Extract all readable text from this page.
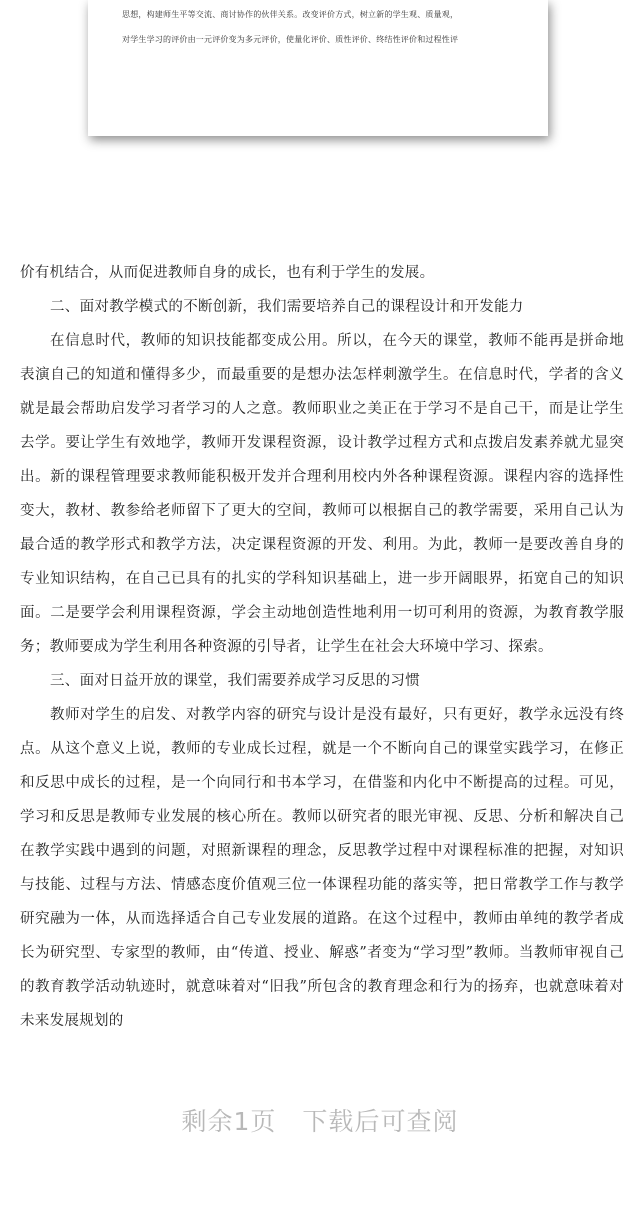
思想，构建师生平等交流、商讨协作的伙伴关系。改变评价方式，树立新的学生观、质量观，
对学生学习的评价由一元评价变为多元评价，使量化评价、质性评价、终结性评价和过程性评

价有机结合，从而促进教师自身的成长，也有利于学生的发展。

二、面对教学模式的不断创新，我们需要培养自己的课程设计和开发能力

在信息时代，教师的知识技能都变成公用。所以，在今天的课堂，教师不能再是拼命地表演自己的知道和懂得多少，而最重要的是想办法怎样刺激学生。在信息时代，学者的含义就是最会帮助启发学习者学习的人之意。教师职业之美正在于学习不是自己干，而是让学生去学。要让学生有效地学，教师开发课程资源，设计教学过程方式和点拨启发素养就尤显突出。新的课程管理要求教师能积极开发并合理利用校内外各种课程资源。课程内容的选择性变大，教材、教参给老师留下了更大的空间，教师可以根据自己的教学需要，采用自己认为最合适的教学形式和教学方法，决定课程资源的开发、利用。为此，教师一是要改善自身的专业知识结构，在自己已具有的扎实的学科知识基础上，进一步开阔眼界，拓宽自己的知识面。二是要学会利用课程资源，学会主动地创造性地利用一切可利用的资源，为教育教学服务；教师要成为学生利用各种资源的引导者，让学生在社会大环境中学习、探索。

三、面对日益开放的课堂，我们需要养成学习反思的习惯

教师对学生的启发、对教学内容的研究与设计是没有最好，只有更好，教学永远没有终点。从这个意义上说，教师的专业成长过程，就是一个不断向自己的课堂实践学习，在修正和反思中成长的过程，是一个向同行和书本学习，在借鉴和内化中不断提高的过程。可见，学习和反思是教师专业发展的核心所在。教师以研究者的眼光审视、反思、分析和解决自己在教学实践中遇到的问题，对照新课程的理念，反思教学过程中对课程标准的把握，对知识与技能、过程与方法、情感态度价值观三位一体课程功能的落实等，把日常教学工作与教学研究融为一体，从而选择适合自己专业发展的道路。在这个过程中，教师由单纯的教学者成长为研究型、专家型的教师，由“传道、授业、解惑”者变为“学习型”教师。当教师审视自己的教育教学活动轨迹时，就意味着对“旧我”所包含的教育理念和行为的扬弃，也就意味着对未来发展规划的

剩余1页　下载后可查阅
